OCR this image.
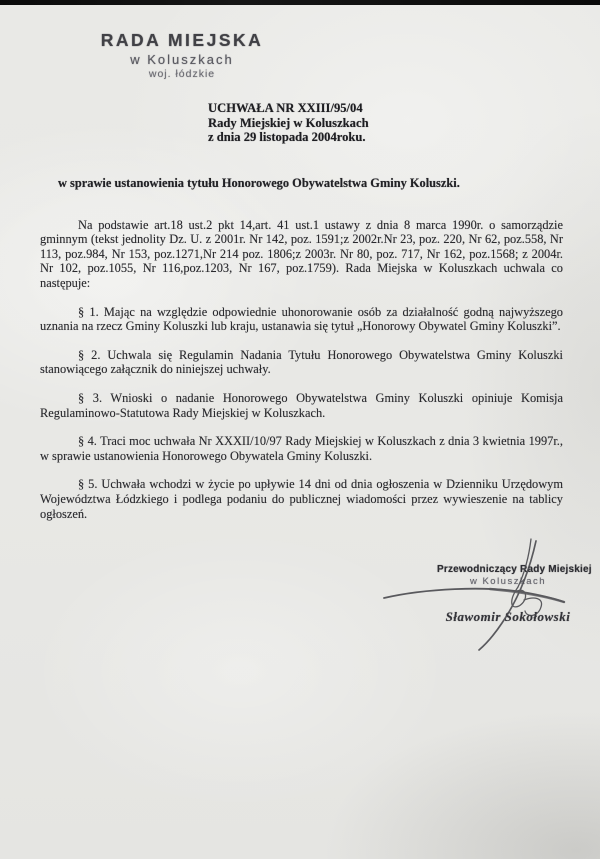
RADA MIEJSKA
w Koluszkach
woj. łódzkie
UCHWAŁA NR XXIII/95/04
Rady Miejskiej w Koluszkach
z dnia 29 listopada 2004roku.
w sprawie ustanowienia tytułu Honorowego Obywatelstwa Gminy Koluszki.
Na podstawie art.18 ust.2 pkt 14,art. 41 ust.1 ustawy z dnia 8 marca 1990r. o samorządzie gminnym (tekst jednolity Dz. U. z 2001r. Nr 142, poz. 1591;z 2002r.Nr 23, poz. 220, Nr 62, poz.558, Nr 113, poz.984, Nr 153, poz.1271,Nr 214 poz. 1806;z 2003r. Nr 80, poz. 717, Nr 162, poz.1568; z 2004r. Nr 102, poz.1055, Nr 116,poz.1203, Nr 167, poz.1759). Rada Miejska w Koluszkach uchwala co następuje:
§ 1. Mając na względzie odpowiednie uhonorowanie osób za działalność godną najwyższego uznania na rzecz Gminy Koluszki lub kraju, ustanawia się tytuł „Honorowy Obywatel Gminy Koluszki”.
§ 2. Uchwala się Regulamin Nadania Tytułu Honorowego Obywatelstwa Gminy Koluszki stanowiącego załącznik do niniejszej uchwały.
§ 3. Wnioski o nadanie Honorowego Obywatelstwa Gminy Koluszki opiniuje Komisja Regulaminowo-Statutowa Rady Miejskiej w Koluszkach.
§ 4. Traci moc uchwała Nr XXXII/10/97 Rady Miejskiej w Koluszkach z dnia 3 kwietnia 1997r., w sprawie ustanowienia Honorowego Obywatela Gminy Koluszki.
§ 5. Uchwała wchodzi w życie po upływie 14 dni od dnia ogłoszenia w Dzienniku Urzędowym Województwa Łódzkiego i podlega podaniu do publicznej wiadomości przez wywieszenie na tablicy ogłoszeń.
Przewodniczący Rady Miejskiej
w Koluszkach
Sławomir Sokołowski
